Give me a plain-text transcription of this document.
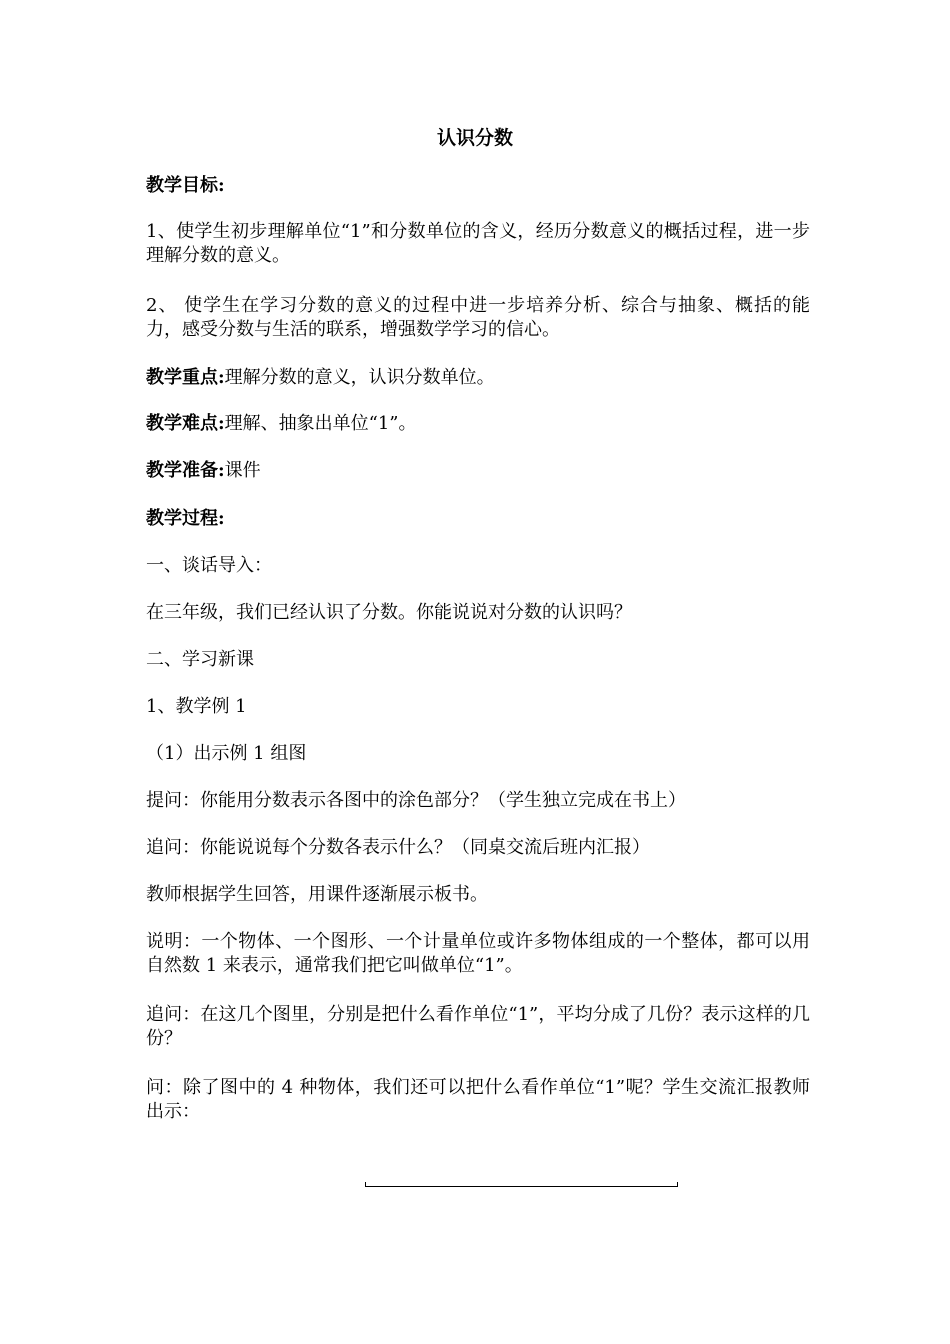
认识分数
教学目标:
1、使学生初步理解单位“1”和分数单位的含义，经历分数意义的概括过程，进一步理解分数的意义。
2、 使学生在学习分数的意义的过程中进一步培养分析、综合与抽象、概括的能力，感受分数与生活的联系，增强数学学习的信心。
教学重点:理解分数的意义，认识分数单位。
教学难点:理解、抽象出单位“1”。
教学准备:课件
教学过程:
一、谈话导入：
在三年级，我们已经认识了分数。你能说说对分数的认识吗？
二、学习新课
1、教学例 1
（1）出示例 1 组图
提问：你能用分数表示各图中的涂色部分？（学生独立完成在书上）
追问：你能说说每个分数各表示什么？（同桌交流后班内汇报）
教师根据学生回答，用课件逐渐展示板书。
说明：一个物体、一个图形、一个计量单位或许多物体组成的一个整体，都可以用自然数 1 来表示，通常我们把它叫做单位“1”。
追问：在这几个图里，分别是把什么看作单位“1”，平均分成了几份？表示这样的几份？
问：除了图中的 4 种物体，我们还可以把什么看作单位“1”呢？学生交流汇报教师出示：
